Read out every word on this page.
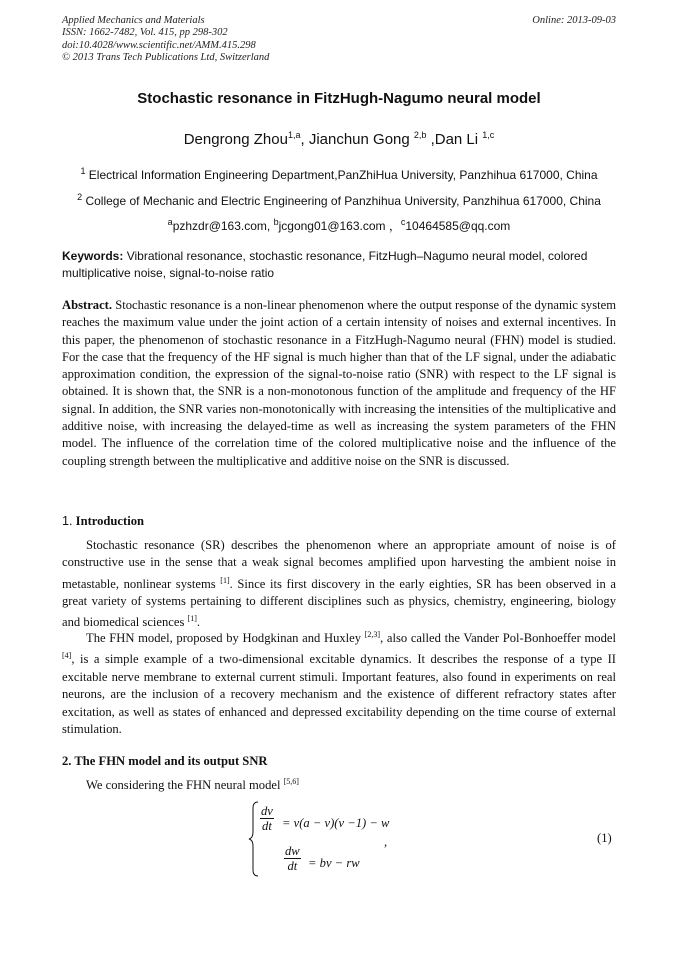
Applied Mechanics and Materials
ISSN: 1662-7482, Vol. 415, pp 298-302
doi:10.4028/www.scientific.net/AMM.415.298
© 2013 Trans Tech Publications Ltd, Switzerland
Online: 2013-09-03
Stochastic resonance in FitzHugh-Nagumo neural model
Dengrong Zhou$^{1,a}$, Jianchun Gong $^{2,b}$ ,Dan Li $^{1,c}$
$^1$ Electrical Information Engineering Department,PanZhiHua University, Panzhihua 617000, China
$^2$ College of Mechanic and Electric Engineering of Panzhihua University, Panzhihua 617000, China
$^a$pzhzdr@163.com, $^b$jcgong01@163.com ，$^c$10464585@qq.com
Keywords: Vibrational resonance, stochastic resonance, FitzHugh–Nagumo neural model, colored multiplicative noise, signal-to-noise ratio
Abstract. Stochastic resonance is a non-linear phenomenon where the output response of the dynamic system reaches the maximum value under the joint action of a certain intensity of noises and external incentives. In this paper, the phenomenon of stochastic resonance in a FitzHugh-Nagumo neural (FHN) model is studied. For the case that the frequency of the HF signal is much higher than that of the LF signal, under the adiabatic approximation condition, the expression of the signal-to-noise ratio (SNR) with respect to the LF signal is obtained. It is shown that, the SNR is a non-monotonous function of the amplitude and frequency of the HF signal. In addition, the SNR varies non-monotonically with increasing the intensities of the multiplicative and additive noise, with increasing the delayed-time as well as increasing the system parameters of the FHN model. The influence of the correlation time of the colored multiplicative noise and the influence of the coupling strength between the multiplicative and additive noise on the SNR is discussed.
1. Introduction
Stochastic resonance (SR) describes the phenomenon where an appropriate amount of noise is of constructive use in the sense that a weak signal becomes amplified upon harvesting the ambient noise in metastable, nonlinear systems [1]. Since its first discovery in the early eighties, SR has been observed in a great variety of systems pertaining to different disciplines such as physics, chemistry, engineering, biology and biomedical sciences [1].
The FHN model, proposed by Hodgkinan and Huxley [2,3], also called the Vander Pol-Bonhoeffer model [4], is a simple example of a two-dimensional excitable dynamics. It describes the response of a type II excitable nerve membrane to external current stimuli. Important features, also found in experiments on real neurons, are the inclusion of a recovery mechanism and the existence of different refractory states after excitation, as well as states of enhanced and depressed excitability depending on the time course of external stimulation.
2. The FHN model and its output SNR
We considering the FHN neural model [5,6]
$\frac{dv}{dt} = v(a - v)(v -1) - w$
$\frac{dw}{dt}$ = bv − rw
,	(1)
